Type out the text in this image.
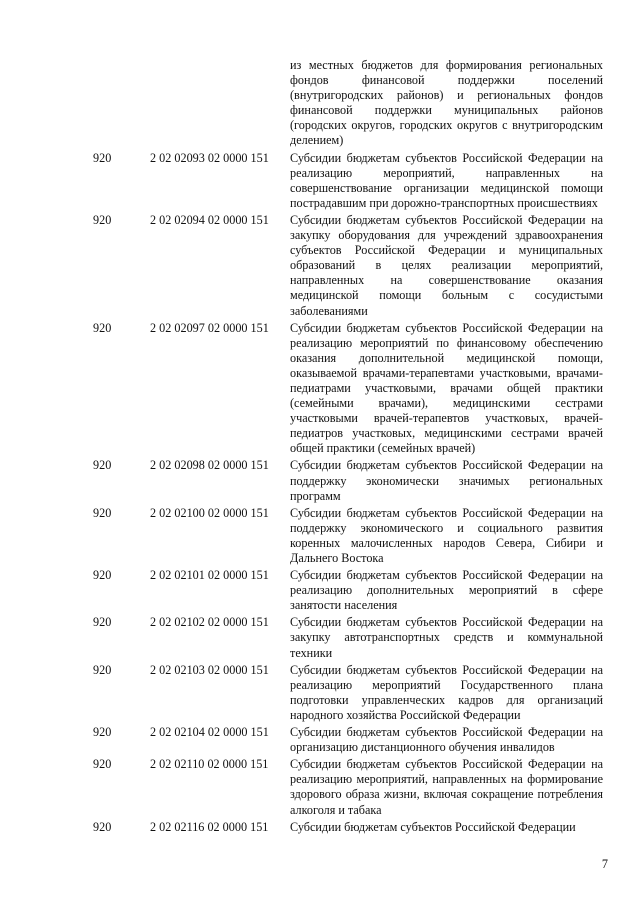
из местных бюджетов для формирования региональных фондов финансовой поддержки поселений (внутригородских районов) и региональных фондов финансовой поддержки муниципальных районов (городских округов, городских округов с внутригородским делением)
920	2 02 02093 02 0000 151	Субсидии бюджетам субъектов Российской Федерации на реализацию мероприятий, направленных на совершенствование организации медицинской помощи пострадавшим при дорожно-транспортных происшествиях
920	2 02 02094 02 0000 151	Субсидии бюджетам субъектов Российской Федерации на закупку оборудования для учреждений здравоохранения субъектов Российской Федерации и муниципальных образований в целях реализации мероприятий, направленных на совершенствование оказания медицинской помощи больным с сосудистыми заболеваниями
920	2 02 02097 02 0000 151	Субсидии бюджетам субъектов Российской Федерации на реализацию мероприятий по финансовому обеспечению оказания дополнительной медицинской помощи, оказываемой врачами-терапевтами участковыми, врачами-педиатрами участковыми, врачами общей практики (семейными врачами), медицинскими сестрами участковыми врачей-терапевтов участковых, врачей-педиатров участковых, медицинскими сестрами врачей общей практики (семейных врачей)
920	2 02 02098 02 0000 151	Субсидии бюджетам субъектов Российской Федерации на поддержку экономически значимых региональных программ
920	2 02 02100 02 0000 151	Субсидии бюджетам субъектов Российской Федерации на поддержку экономического и социального развития коренных малочисленных народов Севера, Сибири и Дальнего Востока
920	2 02 02101 02 0000 151	Субсидии бюджетам субъектов Российской Федерации на реализацию дополнительных мероприятий в сфере занятости населения
920	2 02 02102 02 0000 151	Субсидии бюджетам субъектов Российской Федерации на закупку автотранспортных средств и коммунальной техники
920	2 02 02103 02 0000 151	Субсидии бюджетам субъектов Российской Федерации на реализацию мероприятий Государственного плана подготовки управленческих кадров для организаций народного хозяйства Российской Федерации
920	2 02 02104 02 0000 151	Субсидии бюджетам субъектов Российской Федерации на организацию дистанционного обучения инвалидов
920	2 02 02110 02 0000 151	Субсидии бюджетам субъектов Российской Федерации на реализацию мероприятий, направленных на формирование здорового образа жизни, включая сокращение потребления алкоголя и табака
920	2 02 02116 02 0000 151	Субсидии бюджетам субъектов Российской Федерации
7
